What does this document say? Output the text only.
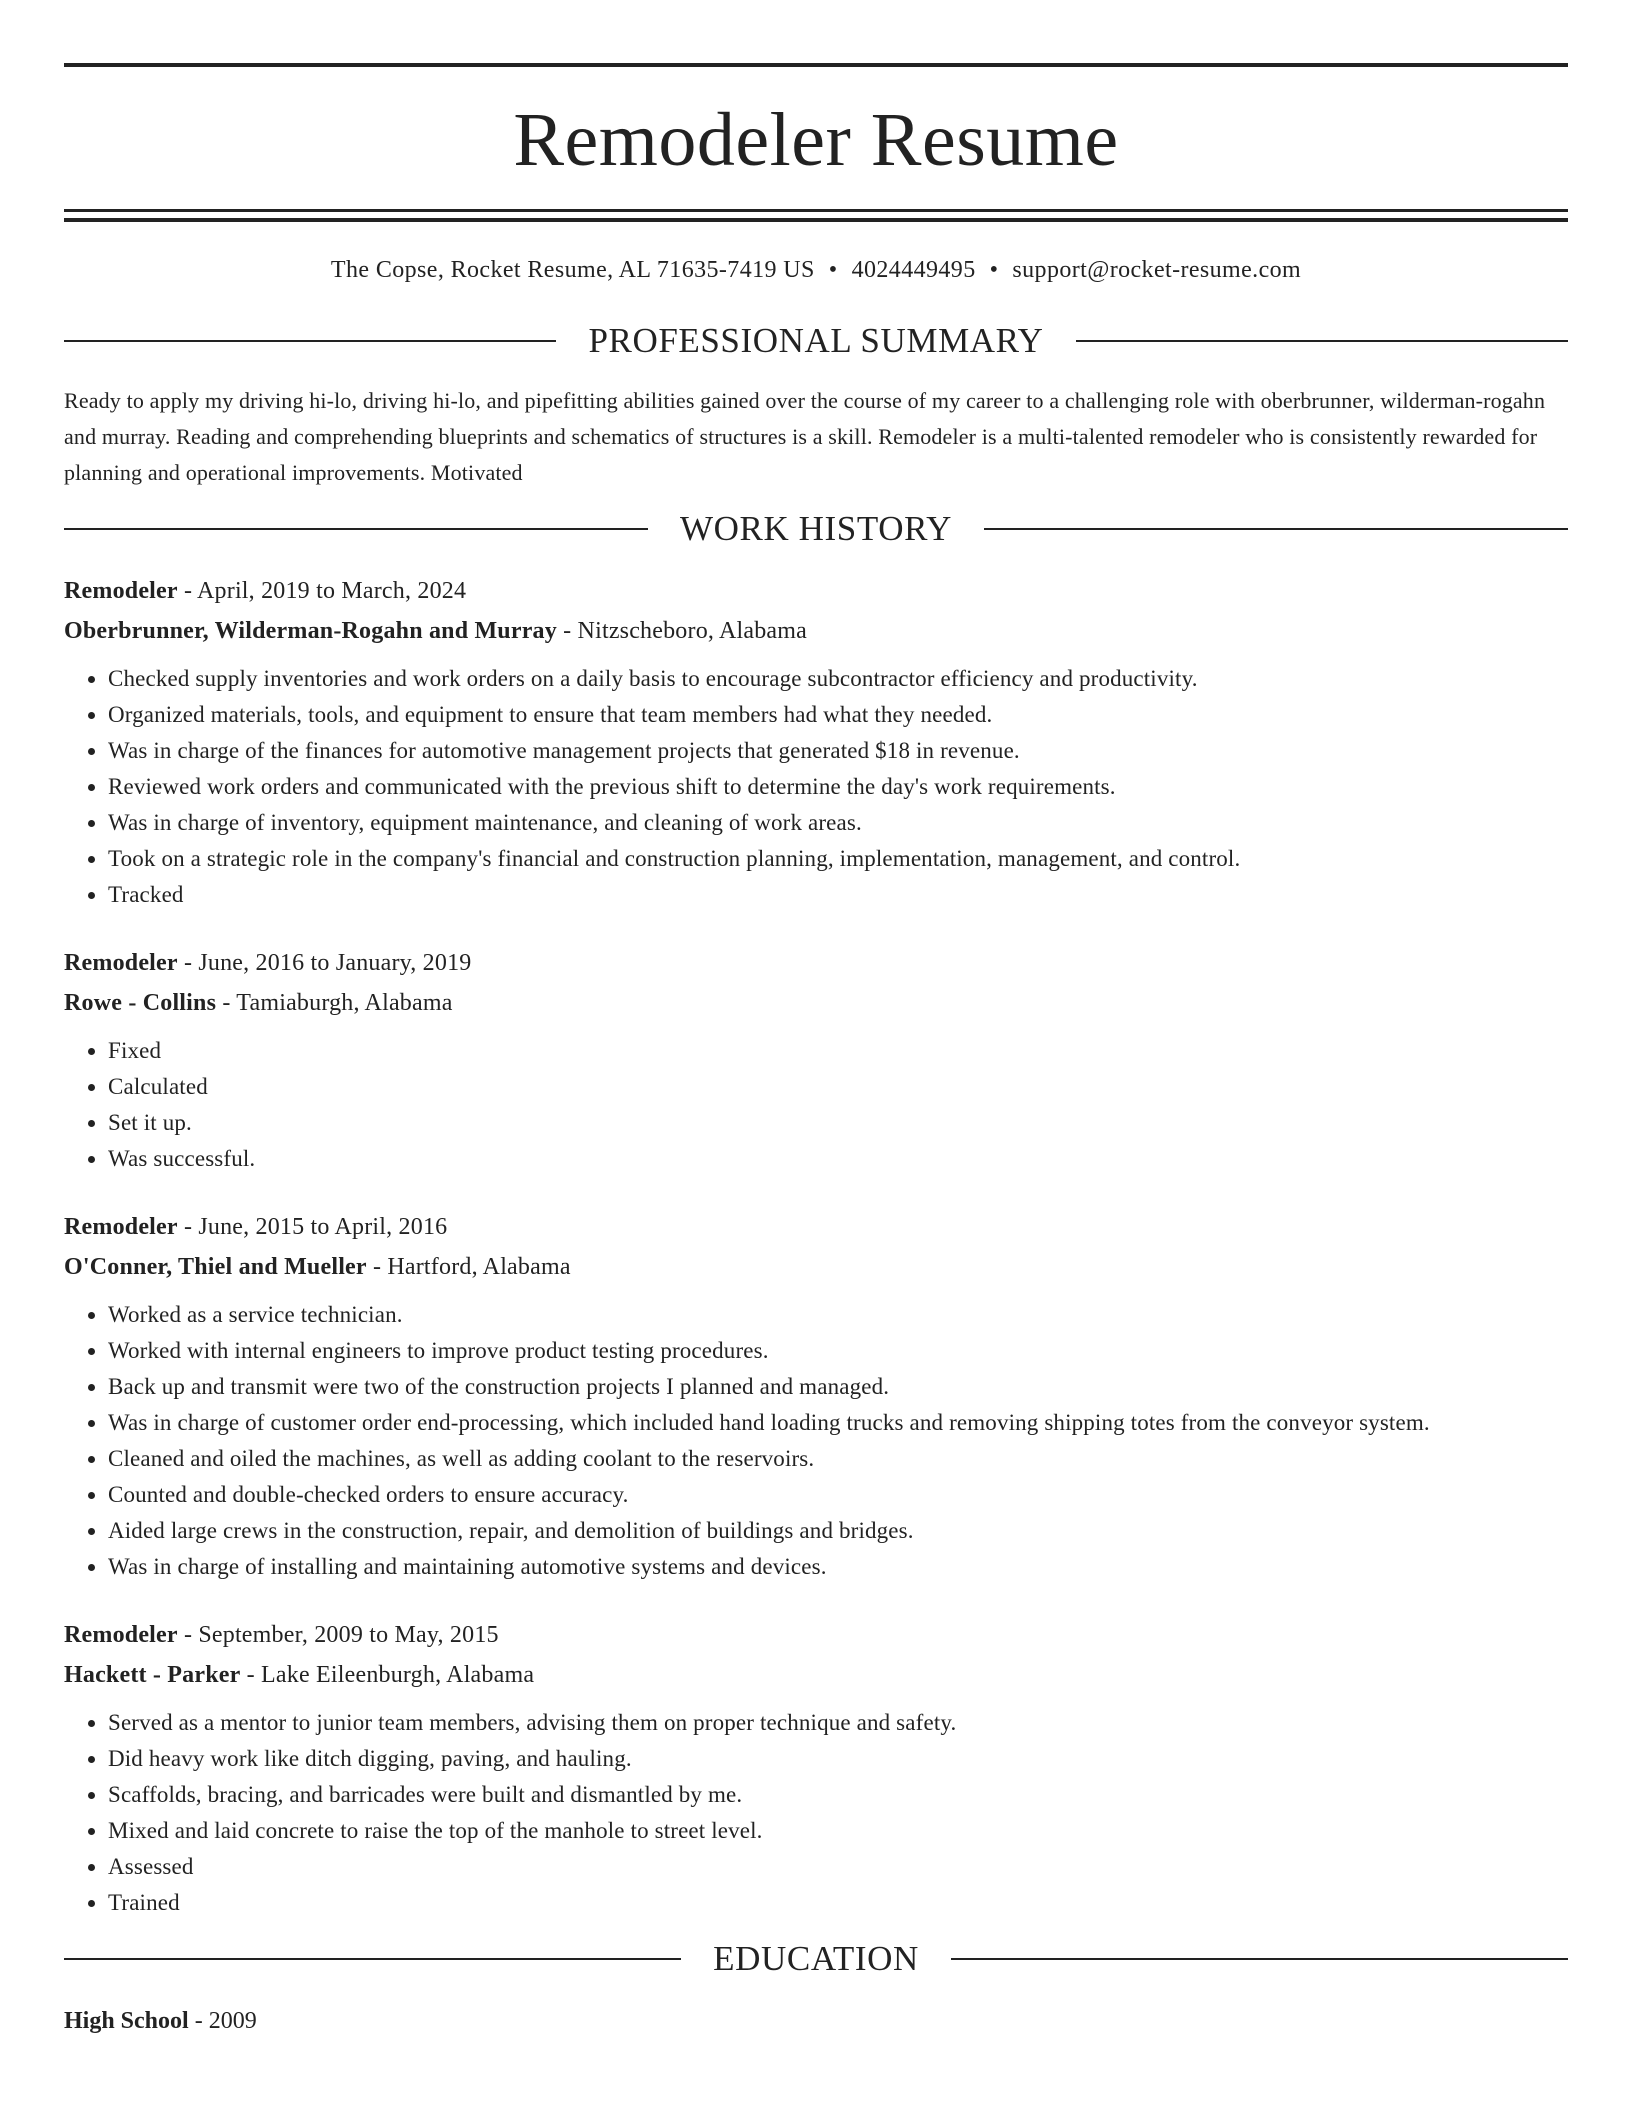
Remodeler Resume
The Copse, Rocket Resume, AL 71635-7419 US • 4024449495 • support@rocket-resume.com
PROFESSIONAL SUMMARY

Ready to apply my driving hi-lo, driving hi-lo, and pipefitting abilities gained over the course of my career to a challenging role with oberbrunner, wilderman-rogahn and murray. Reading and comprehending blueprints and schematics of structures is a skill. Remodeler is a multi-talented remodeler who is consistently rewarded for planning and operational improvements. Motivated

WORK HISTORY
Remodeler - April, 2019 to March, 2024
Oberbrunner, Wilderman-Rogahn and Murray - Nitzscheboro, Alabama
• Checked supply inventories and work orders on a daily basis to encourage subcontractor efficiency and productivity.
• Organized materials, tools, and equipment to ensure that team members had what they needed.
• Was in charge of the finances for automotive management projects that generated $18 in revenue.
• Reviewed work orders and communicated with the previous shift to determine the day's work requirements.
• Was in charge of inventory, equipment maintenance, and cleaning of work areas.
• Took on a strategic role in the company's financial and construction planning, implementation, management, and control.
• Tracked
Remodeler - June, 2016 to January, 2019
Rowe - Collins - Tamiaburgh, Alabama
• Fixed
• Calculated
• Set it up.
• Was successful.
Remodeler - June, 2015 to April, 2016
O'Conner, Thiel and Mueller - Hartford, Alabama
• Worked as a service technician.
• Worked with internal engineers to improve product testing procedures.
• Back up and transmit were two of the construction projects I planned and managed.
• Was in charge of customer order end-processing, which included hand loading trucks and removing shipping totes from the conveyor system.
• Cleaned and oiled the machines, as well as adding coolant to the reservoirs.
• Counted and double-checked orders to ensure accuracy.
• Aided large crews in the construction, repair, and demolition of buildings and bridges.
• Was in charge of installing and maintaining automotive systems and devices.
Remodeler - September, 2009 to May, 2015
Hackett - Parker - Lake Eileenburgh, Alabama
• Served as a mentor to junior team members, advising them on proper technique and safety.
• Did heavy work like ditch digging, paving, and hauling.
• Scaffolds, bracing, and barricades were built and dismantled by me.
• Mixed and laid concrete to raise the top of the manhole to street level.
• Assessed
• Trained
EDUCATION
High School - 2009
